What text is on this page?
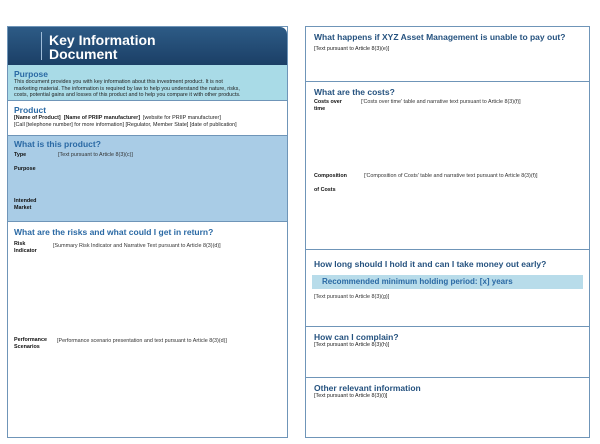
Key Information
Document
Purpose
This document provides you with key information about this investment product. It is not
marketing material. The information is required by law to help you understand the nature, risks,
costs, potential gains and losses of this product and to help you compare it with other products.
Product
[Name of Product] [Name of PRIIP manufacturer] [website for PRIIP manufacturer]
[Call [telephone number] for more information] [Regulator, Member State] [date of publication]
What is this product?
Type	[Text pursuant to Article 8(3)(c)]
Purpose
Intended
Market
What are the risks and what could I get in return?
Risk
Indicator
[Summary Risk Indicator and Narrative Text pursuant to Article 8(3)(d)]
Performance
Scenarios
[Performance scenario presentation and text pursuant to Article 8(3)(d)]
What happens if XYZ Asset Management is unable to pay out?
[Text pursuant to Article 8(3)(e)]
What are the costs?
Costs over
time
['Costs over time' table and narrative text pursuant to Article 8(3)(f)]
Composition
of Costs
['Composition of Costs' table and narrative text pursuant to Article 8(3)(f)]
How long should I hold it and can I take money out early?
Recommended minimum holding period: [x] years
[Text pursuant to Article 8(3)(g)]
How can I complain?
[Text pursuant to Article 8(3)(h)]
Other relevant information
[Text pursuant to Article 8(3)(i)]
